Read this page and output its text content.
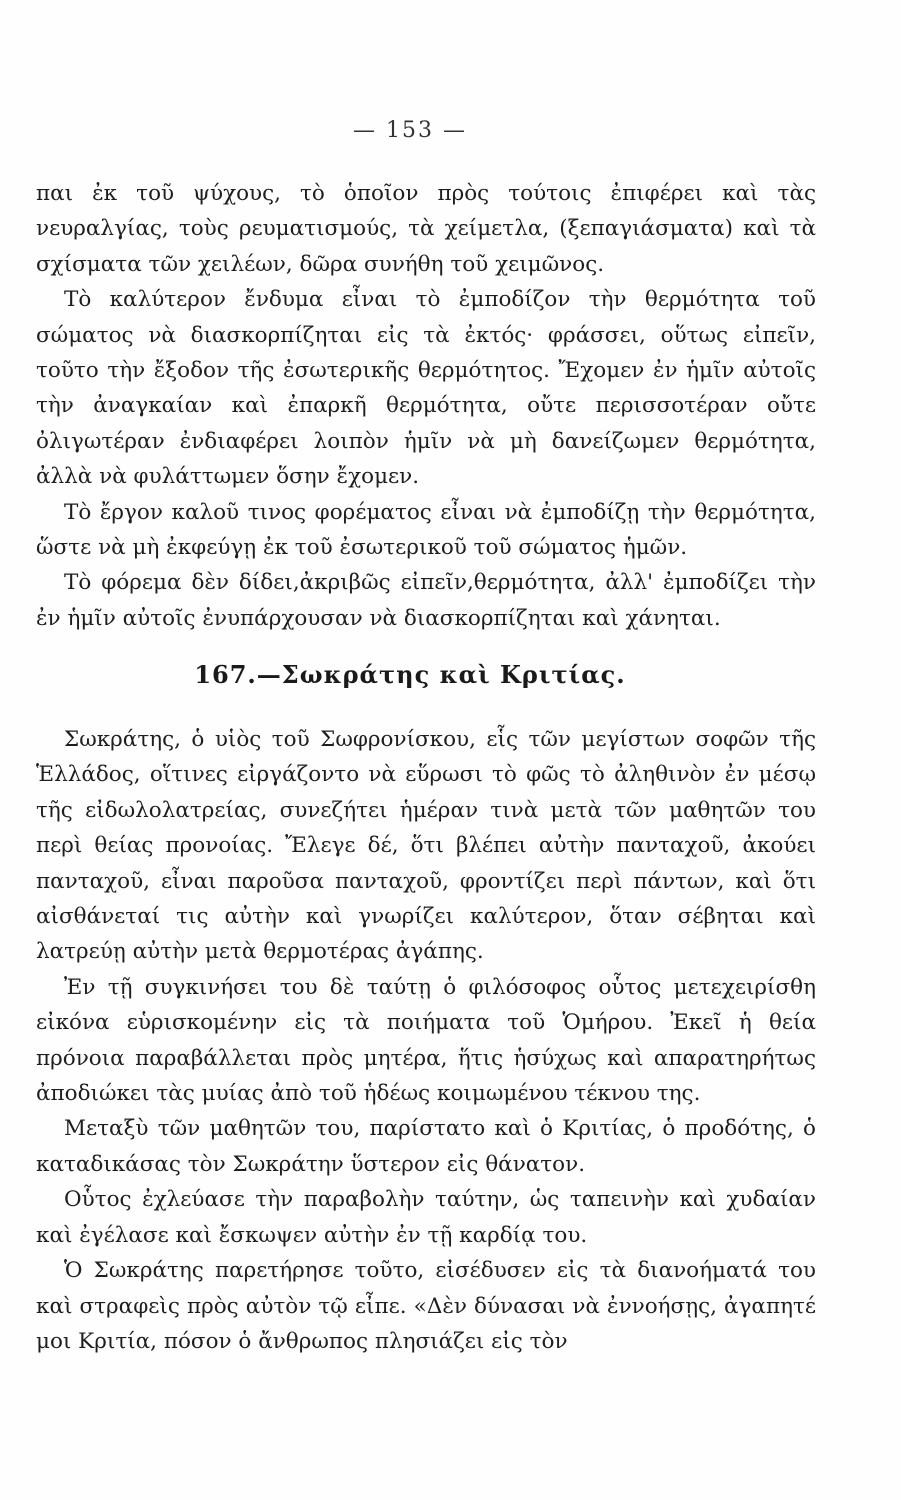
— 153 —

παι ἐκ τοῦ ψύχους, τὸ ὁποῖον πρὸς τούτοις ἐπιφέρει καὶ τὰς νευραλγίας, τοὺς ρευματισμούς, τὰ χείμετλα, (ξεπαγιάσματα) καὶ τὰ σχίσματα τῶν χειλέων, δῶρα συνήθη τοῦ χειμῶνος.

Τὸ καλύτερον ἔνδυμα εἶναι τὸ ἐμποδίζον τὴν θερμότητα τοῦ σώματος νὰ διασκορπίζηται εἰς τὰ ἐκτός· φράσσει, οὕτως εἰπεῖν, τοῦτο τὴν ἔξοδον τῆς ἐσωτερικῆς θερμότητος. Ἔχομεν ἐν ἡμῖν αὐτοῖς τὴν ἀναγκαίαν καὶ ἐπαρκῆ θερμότητα, οὔτε περισσοτέραν οὔτε ὀλιγωτέραν ἐνδιαφέρει λοιπὸν ἡμῖν νὰ μὴ δανείζωμεν θερμότητα, ἀλλὰ νὰ φυλάττωμεν ὅσην ἔχομεν.

Τὸ ἔργον καλοῦ τινος φορέματος εἶναι νὰ ἐμποδίζῃ τὴν θερμότητα, ὥστε νὰ μὴ ἐκφεύγῃ ἐκ τοῦ ἐσωτερικοῦ τοῦ σώματος ἡμῶν.

Τὸ φόρεμα δὲν δίδει,ἀκριβῶς εἰπεῖν,θερμότητα, ἀλλ' ἐμποδίζει τὴν ἐν ἡμῖν αὐτοῖς ἐνυπάρχουσαν νὰ διασκορπίζηται καὶ χάνηται.

167.—Σωκράτης καὶ Κριτίας.

Σωκράτης, ὁ υἱὸς τοῦ Σωφρονίσκου, εἷς τῶν μεγίστων σοφῶν τῆς Ἑλλάδος, οἵτινες εἰργάζοντο νὰ εὕρωσι τὸ φῶς τὸ ἀληθινὸν ἐν μέσῳ τῆς εἰδωλολατρείας, συνεζήτει ἡμέραν τινὰ μετὰ τῶν μαθητῶν του περὶ θείας προνοίας. Ἔλεγε δέ, ὅτι βλέπει αὐτὴν πανταχοῦ, ἀκούει πανταχοῦ, εἶναι παροῦσα πανταχοῦ, φροντίζει περὶ πάντων, καὶ ὅτι αἰσθάνεταί τις αὐτὴν καὶ γνωρίζει καλύτερον, ὅταν σέβηται καὶ λατρεύῃ αὐτὴν μετὰ θερμοτέρας ἀγάπης.

Ἐν τῇ συγκινήσει του δὲ ταύτῃ ὁ φιλόσοφος οὗτος μετεχειρίσθη εἰκόνα εὑρισκομένην εἰς τὰ ποιήματα τοῦ Ὁμήρου. Ἐκεῖ ἡ θεία πρόνοια παραβάλλεται πρὸς μητέρα, ἥτις ἡσύχως καὶ απαρατηρήτως ἀποδιώκει τὰς μυίας ἀπὸ τοῦ ἡδέως κοιμωμένου τέκνου της.

Μεταξὺ τῶν μαθητῶν του, παρίστατο καὶ ὁ Κριτίας, ὁ προδότης, ὁ καταδικάσας τὸν Σωκράτην ὕστερον εἰς θάνατον.

Οὗτος ἐχλεύασε τὴν παραβολὴν ταύτην, ὡς ταπεινὴν καὶ χυδαίαν καὶ ἐγέλασε καὶ ἔσκωψεν αὐτὴν ἐν τῇ καρδίᾳ του.

Ὁ Σωκράτης παρετήρησε τοῦτο, εἰσέδυσεν εἰς τὰ διανοήματά του καὶ στραφεὶς πρὸς αὐτὸν τῷ εἶπε. «Δὲν δύνασαι νὰ ἐννοήσῃς, ἀγαπητέ μοι Κριτία, πόσον ὁ ἄνθρωπος πλησιάζει εἰς τὸν
